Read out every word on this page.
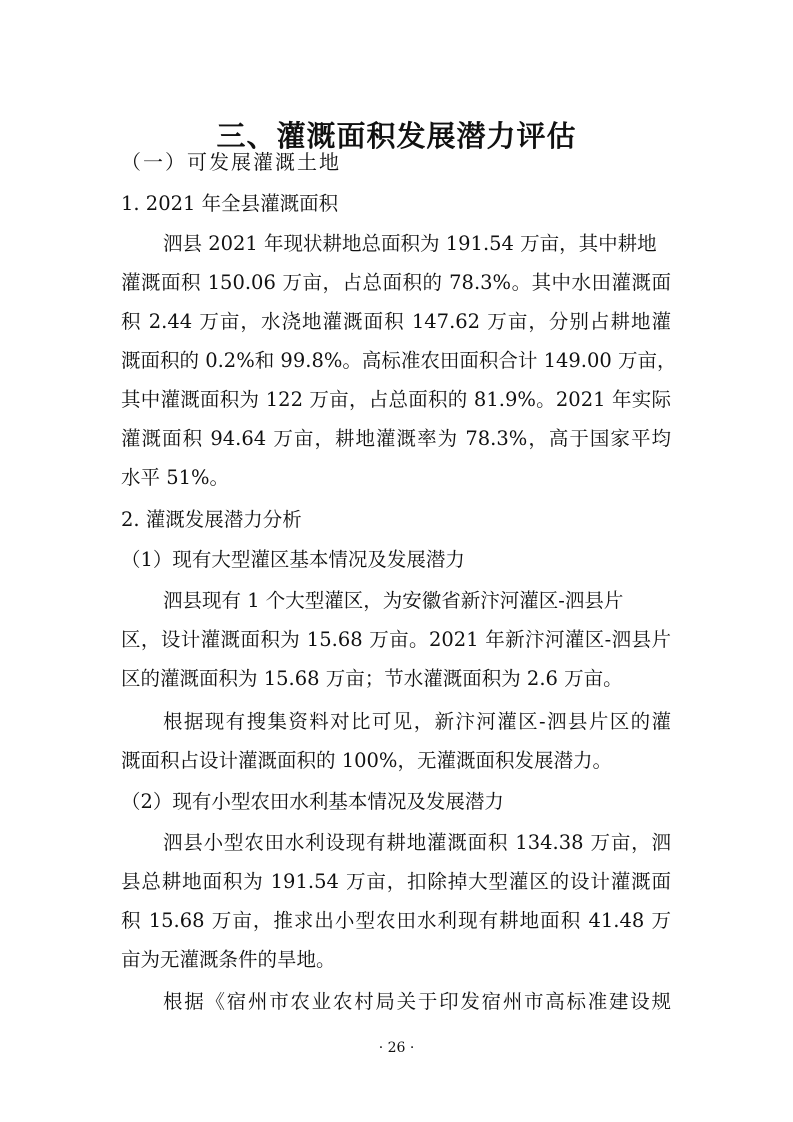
三、灌溉面积发展潜力评估

（一）可发展灌溉土地

1. 2021 年全县灌溉面积

泗县 2021 年现状耕地总面积为 191.54 万亩，其中耕地

灌溉面积 150.06 万亩，占总面积的 78.3%。其中水田灌溉面

积 2.44 万亩，水浇地灌溉面积 147.62 万亩，分别占耕地灌

溉面积的 0.2%和 99.8%。高标准农田面积合计 149.00 万亩，

其中灌溉面积为 122 万亩，占总面积的 81.9%。2021 年实际

灌溉面积 94.64 万亩，耕地灌溉率为 78.3%，高于国家平均

水平 51%。

2. 灌溉发展潜力分析

（1）现有大型灌区基本情况及发展潜力

泗县现有 1 个大型灌区，为安徽省新汴河灌区-泗县片

区，设计灌溉面积为 15.68 万亩。2021 年新汴河灌区-泗县片

区的灌溉面积为 15.68 万亩；节水灌溉面积为 2.6 万亩。

根据现有搜集资料对比可见，新汴河灌区-泗县片区的灌

溉面积占设计灌溉面积的 100%，无灌溉面积发展潜力。

（2）现有小型农田水利基本情况及发展潜力

泗县小型农田水利设现有耕地灌溉面积 134.38 万亩，泗

县总耕地面积为 191.54 万亩，扣除掉大型灌区的设计灌溉面

积 15.68 万亩，推求出小型农田水利现有耕地面积 41.48 万

亩为无灌溉条件的旱地。

根据《宿州市农业农村局关于印发宿州市高标准建设规

· 26 ·
